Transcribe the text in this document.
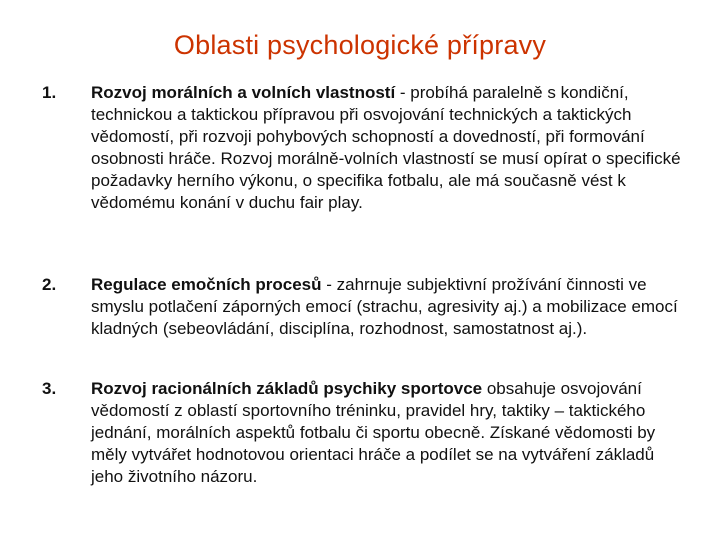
Oblasti psychologické přípravy
1. Rozvoj morálních a volních vlastností - probíhá paralelně s kondiční, technickou a taktickou přípravou při osvojování technických a taktických vědomostí, při rozvoji pohybových schopností a dovedností, při formování osobnosti hráče. Rozvoj morálně-volních vlastností se musí opírat o specifické požadavky herního výkonu, o specifika fotbalu, ale má současně vést k vědomému konání v duchu fair play.
2. Regulace emočních procesů - zahrnuje subjektivní prožívání činnosti ve smyslu potlačení záporných emocí (strachu, agresivity aj.) a mobilizace emocí kladných (sebeovládání, disciplína, rozhodnost, samostatnost aj.).
3. Rozvoj racionálních základů psychiky sportovce obsahuje osvojování vědomostí z oblastí sportovního tréninku, pravidel hry, taktiky – taktického jednání, morálních aspektů fotbalu či sportu obecně. Získané vědomosti by měly vytvářet hodnotovou orientaci hráče a podílet se na vytváření základů jeho životního názoru.
